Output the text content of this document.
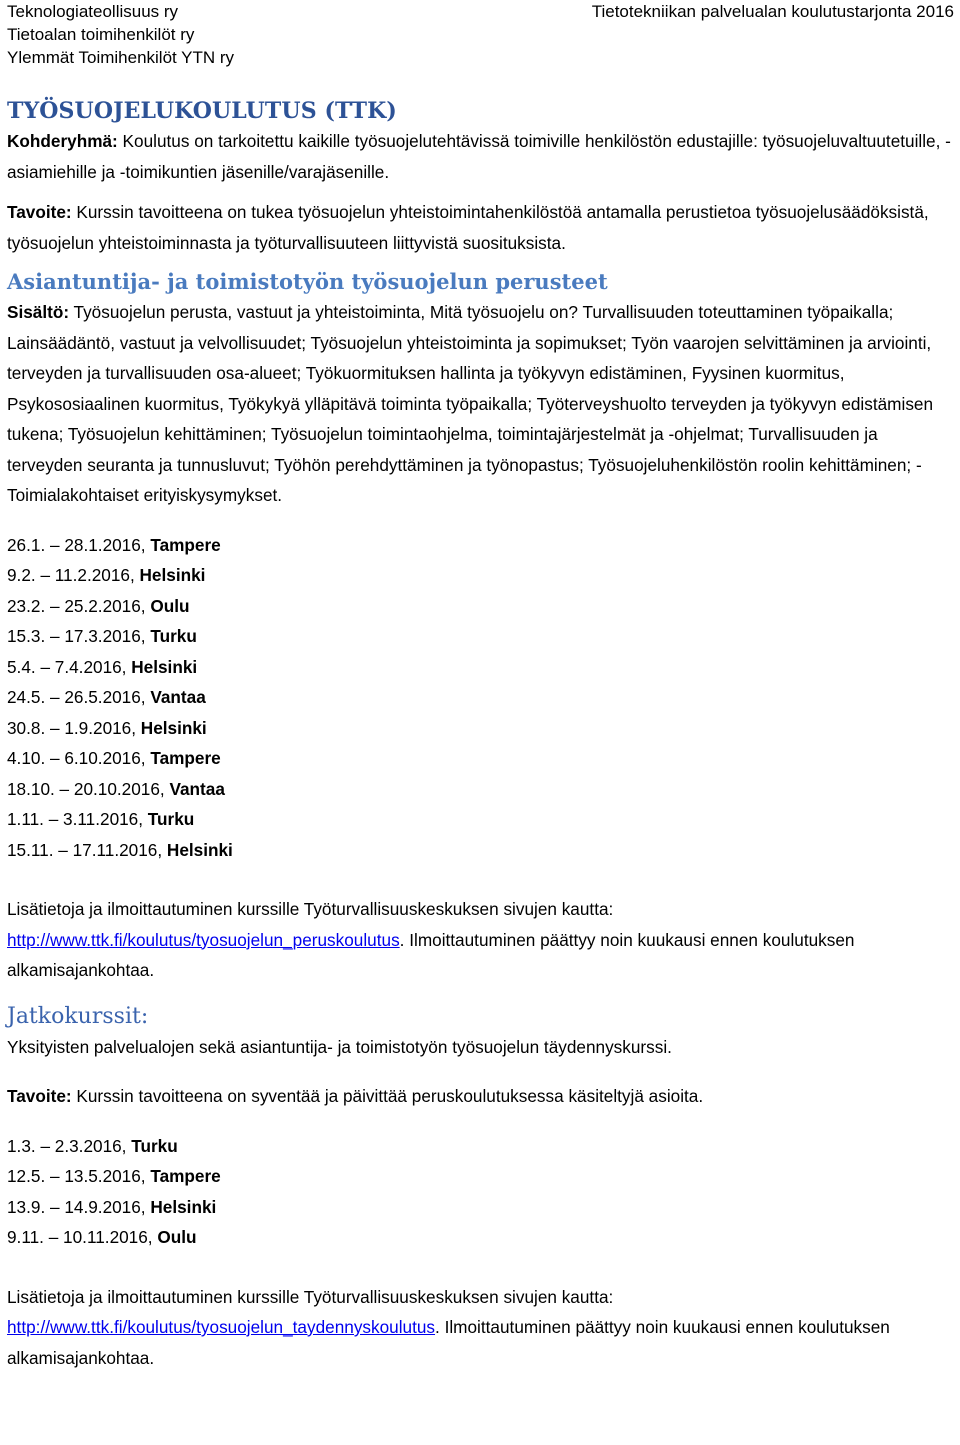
Teknologiateollisuus ry
Tietoalan toimihenkilöt ry
Ylemmät Toimihenkilöt YTN ry
Tietotekniikan palvelualan koulutustarjonta 2016
TYÖSUOJELUKOULUTUS (TTK)

Kohderyhmä: Koulutus on tarkoitettu kaikille työsuojelutehtävissä toimiville henkilöstön edustajille: työsuojeluvaltuutetuille, -asiamiehille ja -toimikuntien jäsenille/varajäsenille.

Tavoite: Kurssin tavoitteena on tukea työsuojelun yhteistoimintahenkilöstöä antamalla perustietoa työsuojelusäädöksistä, työsuojelun yhteistoiminnasta ja työturvallisuuteen liittyvistä suosituksista.

Asiantuntija- ja toimistotyön työsuojelun perusteet

Sisältö: Työsuojelun perusta, vastuut ja yhteistoiminta, Mitä työsuojelu on? Turvallisuuden toteuttaminen työpaikalla; Lainsäädäntö, vastuut ja velvollisuudet; Työsuojelun yhteistoiminta ja sopimukset; Työn vaarojen selvittäminen ja arviointi, terveyden ja turvallisuuden osa-alueet; Työkuormituksen hallinta ja työkyvyn edistäminen, Fyysinen kuormitus, Psykososiaalinen kuormitus, Työkykyä ylläpitävä toiminta työpaikalla; Työterveyshuolto terveyden ja työkyvyn edistämisen tukena; Työsuojelun kehittäminen; Työsuojelun toimintaohjelma, toimintajärjestelmät ja -ohjelmat; Turvallisuuden ja terveyden seuranta ja tunnusluvut; Työhön perehdyttäminen ja työnopastus; Työsuojeluhenkilöstön roolin kehittäminen; - Toimialakohtaiset erityiskysymykset.

26.1. – 28.1.2016, Tampere
9.2. – 11.2.2016, Helsinki
23.2. – 25.2.2016, Oulu
15.3. – 17.3.2016, Turku
5.4. – 7.4.2016, Helsinki
24.5. – 26.5.2016, Vantaa
30.8. – 1.9.2016, Helsinki
4.10. – 6.10.2016, Tampere
18.10. – 20.10.2016, Vantaa
1.11. – 3.11.2016, Turku
15.11. – 17.11.2016, Helsinki

Lisätietoja ja ilmoittautuminen kurssille Työturvallisuuskeskuksen sivujen kautta:
http://www.ttk.fi/koulutus/tyosuojelun_peruskoulutus. Ilmoittautuminen päättyy noin kuukausi ennen koulutuksen alkamisajankohtaa.

Jatkokurssit:

Yksityisten palvelualojen sekä asiantuntija- ja toimistotyön työsuojelun täydennyskurssi.

Tavoite: Kurssin tavoitteena on syventää ja päivittää peruskoulutuksessa käsiteltyjä asioita.

1.3. – 2.3.2016, Turku
12.5. – 13.5.2016, Tampere
13.9. – 14.9.2016, Helsinki
9.11. – 10.11.2016, Oulu

Lisätietoja ja ilmoittautuminen kurssille Työturvallisuuskeskuksen sivujen kautta:
http://www.ttk.fi/koulutus/tyosuojelun_taydennyskoulutus. Ilmoittautuminen päättyy noin kuukausi ennen koulutuksen alkamisajankohtaa.
